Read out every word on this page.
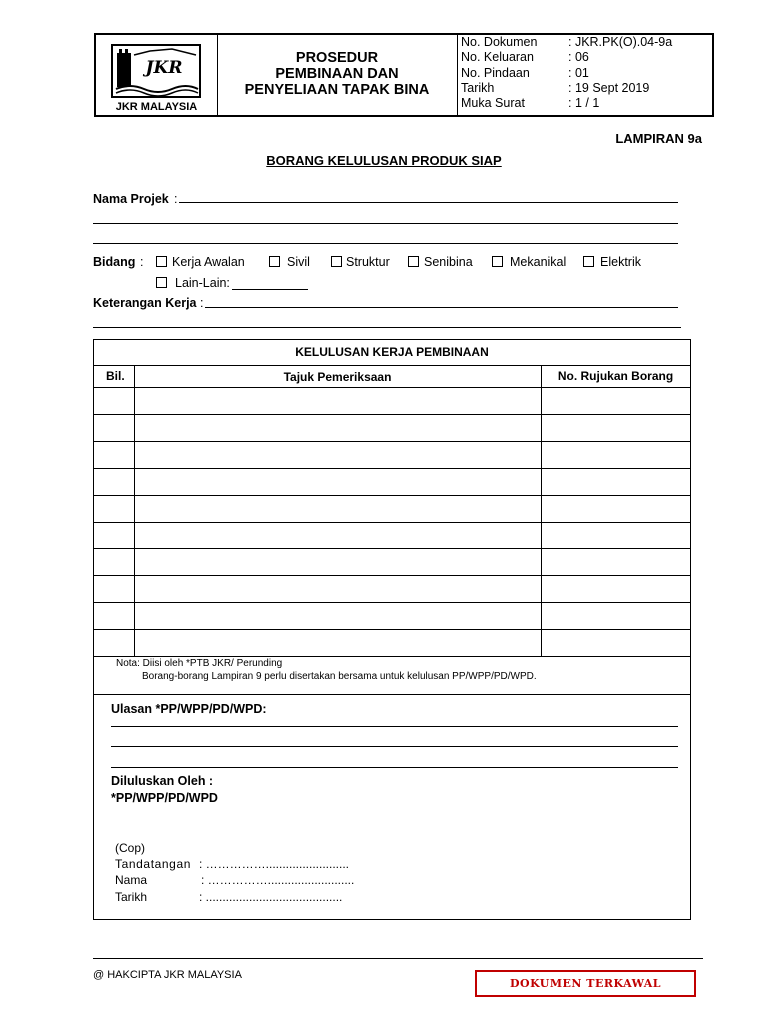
JKR
JKR MALAYSIA
PROSEDUR
PEMBINAAN DAN
PENYELIAAN TAPAK BINA
No. Dokumen	: JKR.PK(O).04-9a
No. Keluaran	: 06
No. Pindaan	: 01
Tarikh	: 19 Sept 2019
Muka Surat	: 1 / 1
LAMPIRAN 9a
BORANG KELULUSAN PRODUK SIAP
Nama Projek :
Bidang : Kerja Awalan	Sivil	Struktur	Senibina	Mekanikal	Elektrik
Lain-Lain:
Keterangan Kerja :
KELULUSAN KERJA PEMBINAAN
Bil.	Tajuk Pemeriksaan	No. Rujukan Borang
Nota: Diisi oleh *PTB JKR/ Perunding
Borang-borang Lampiran 9 perlu disertakan bersama untuk kelulusan PP/WPP/PD/WPD.
Ulasan *PP/WPP/PD/WPD:
Diluluskan Oleh :
*PP/WPP/PD/WPD
(Cop)
Tandatangan : …………….........................
Nama	: ……………..........................
Tarikh	: .........................................
@ HAKCIPTA JKR MALAYSIA
DOKUMEN TERKAWAL
